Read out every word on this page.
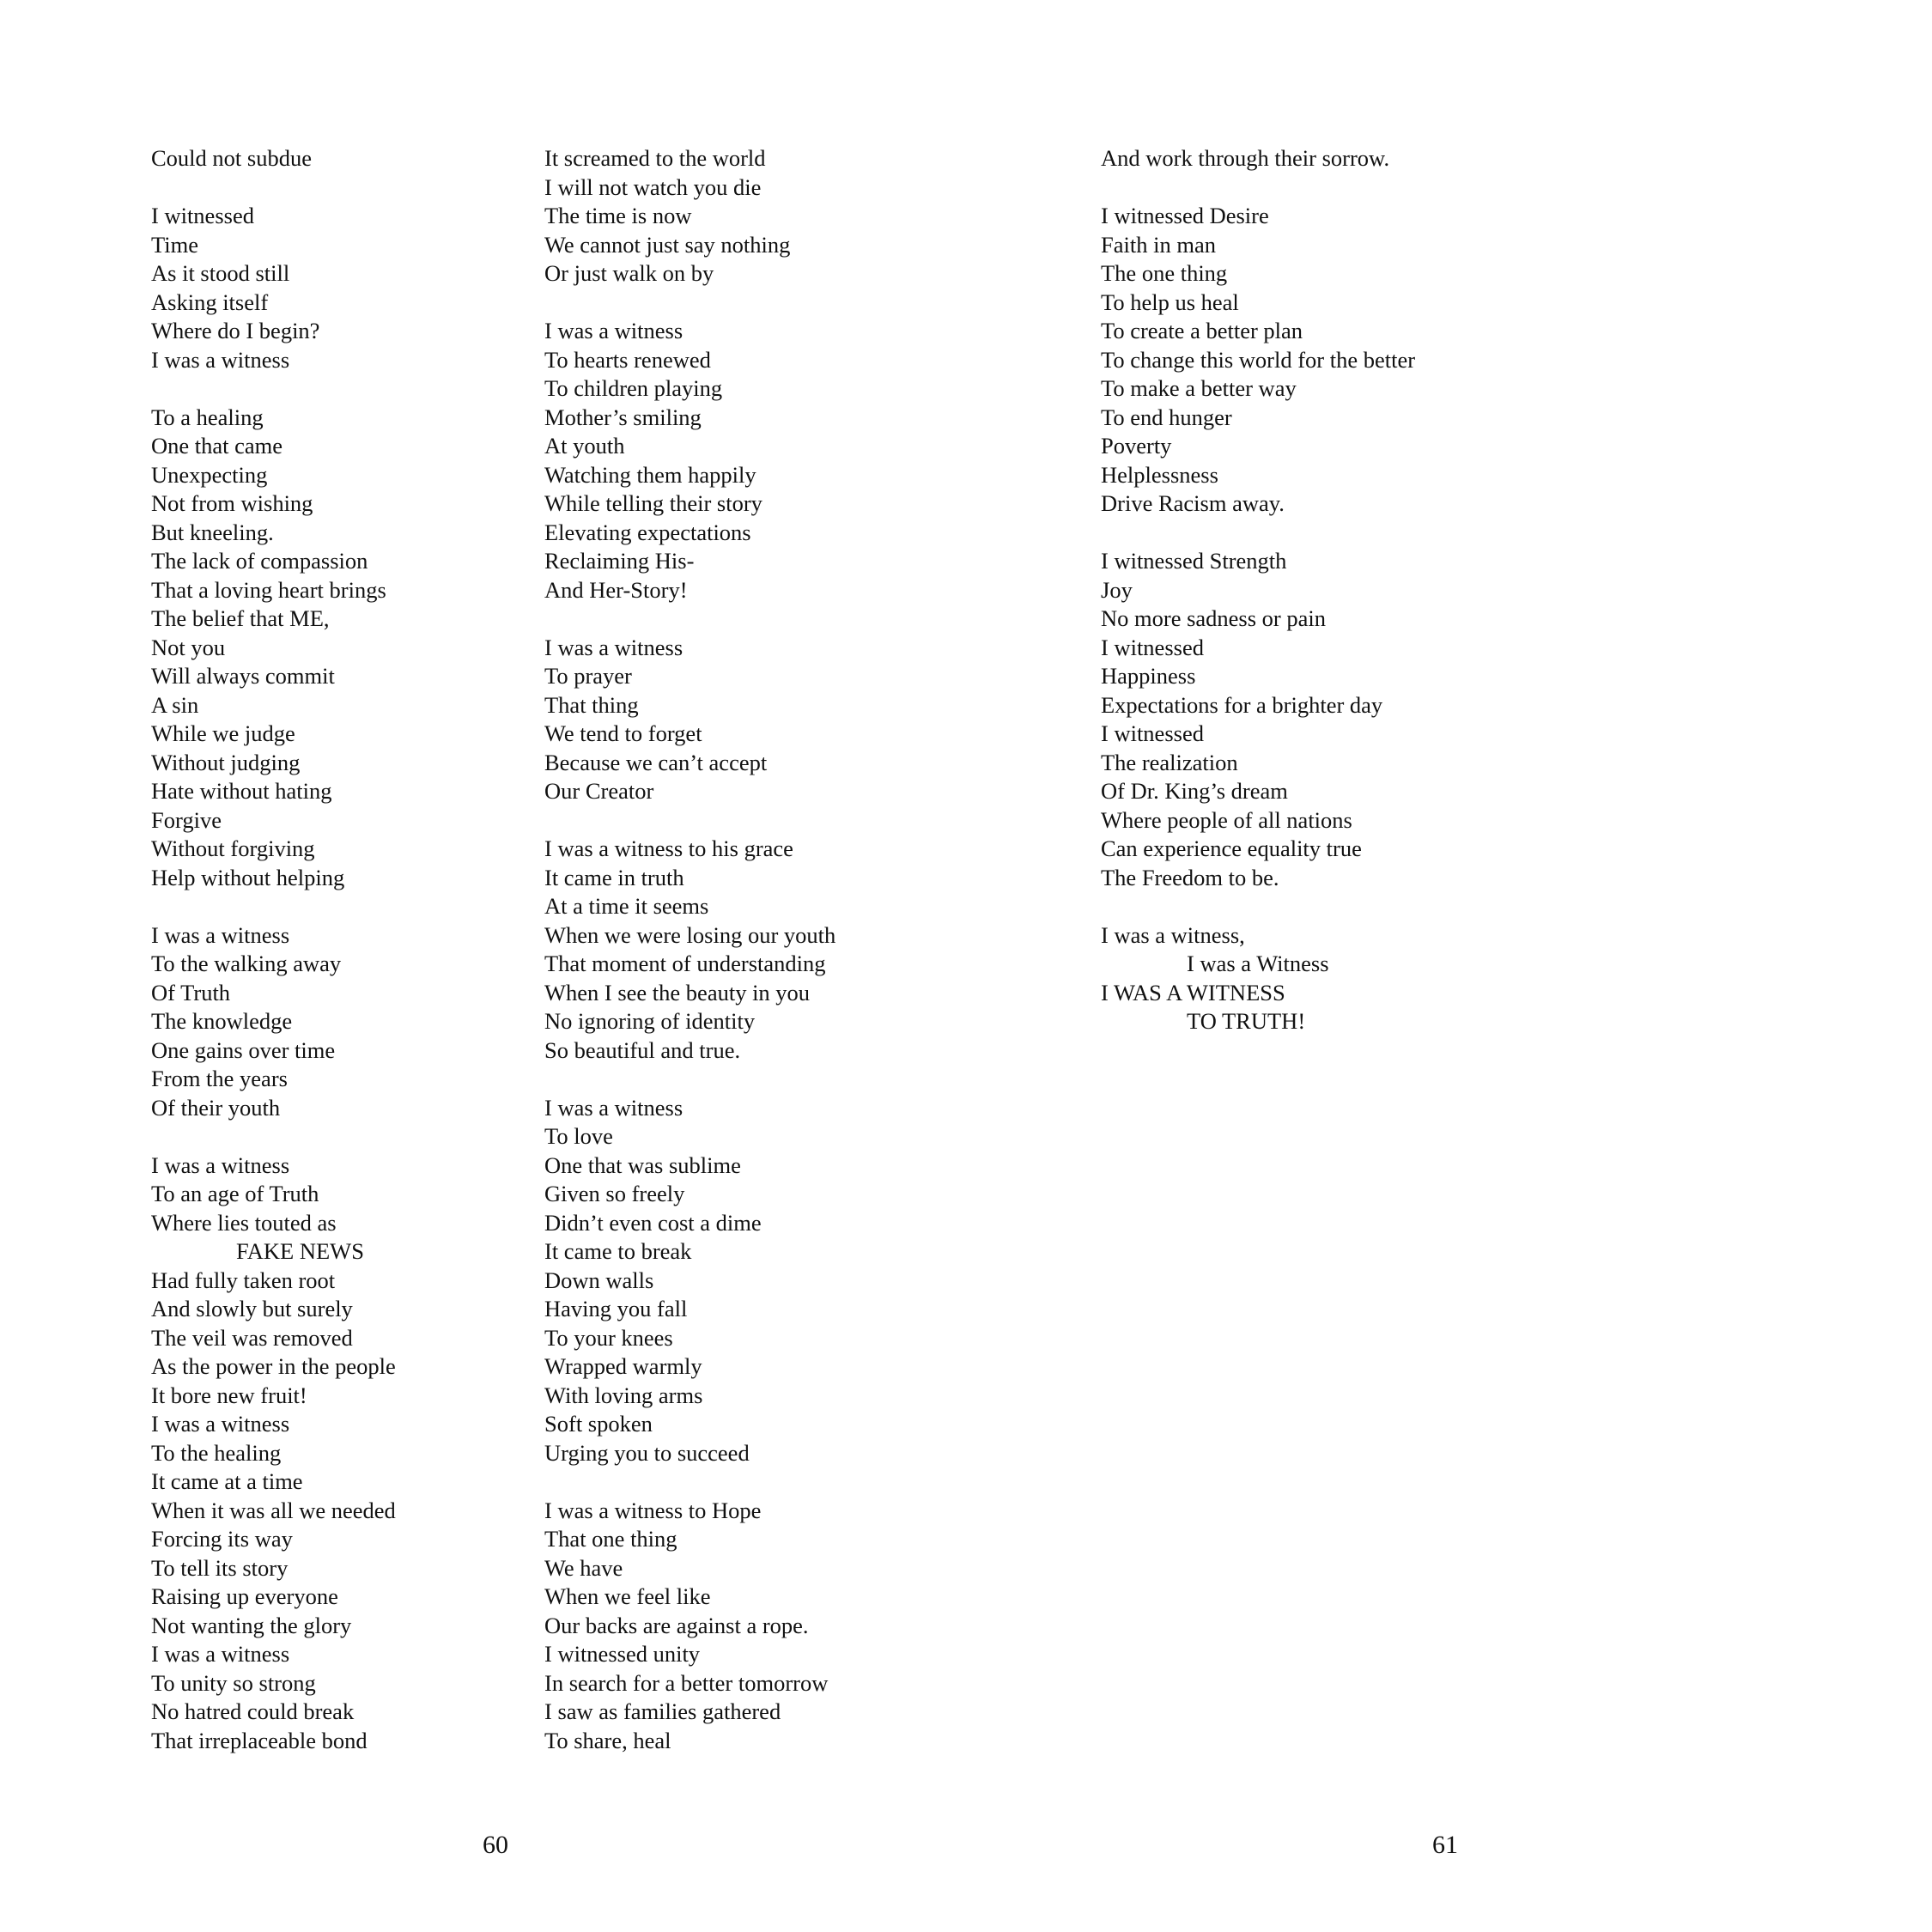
Could not subdue
I witnessed
Time
As it stood still
Asking itself
Where do I begin?
I was a witness
To a healing
One that came
Unexpecting
Not from wishing
But kneeling.
The lack of compassion
That a loving heart brings
The belief that ME,
Not you
Will always commit
A sin
While we judge
Without judging
Hate without hating
Forgive
Without forgiving
Help without helping
I was a witness
To the walking away
Of Truth
The knowledge
One gains over time
From the years
Of their youth
I was a witness
To an age of Truth
Where lies touted as
FAKE NEWS
Had fully taken root
And slowly but surely
The veil was removed
As the power in the people
It bore new fruit!
I was a witness
To the healing
It came at a time
When it was all we needed
Forcing its way
To tell its story
Raising up everyone
Not wanting the glory
I was a witness
To unity so strong
No hatred could break
That irreplaceable bond
It screamed to the world
I will not watch you die
The time is now
We cannot just say nothing
Or just walk on by
I was a witness
To hearts renewed
To children playing
Mother’s smiling
At youth
Watching them happily
While telling their story
Elevating expectations
Reclaiming His-
And Her-Story!
I was a witness
To prayer
That thing
We tend to forget
Because we can’t accept
Our Creator
I was a witness to his grace
It came in truth
At a time it seems
When we were losing our youth
That moment of understanding
When I see the beauty in you
No ignoring of identity
So beautiful and true.
I was a witness
To love
One that was sublime
Given so freely
Didn’t even cost a dime
It came to break
Down walls
Having you fall
To your knees
Wrapped warmly
With loving arms
Soft spoken
Urging you to succeed
I was a witness to Hope
That one thing
We have
When we feel like
Our backs are against a rope.
I witnessed unity
In search for a better tomorrow
I saw as families gathered
To share, heal
And work through their sorrow.
I witnessed Desire
Faith in man
The one thing
To help us heal
To create a better plan
To change this world for the better
To make a better way
To end hunger
Poverty
Helplessness
Drive Racism away.
I witnessed Strength
Joy
No more sadness or pain
I witnessed
Happiness
Expectations for a brighter day
I witnessed
The realization
Of Dr. King’s dream
Where people of all nations
Can experience equality true
The Freedom to be.
I was a witness,
I was a Witness
I WAS A WITNESS
TO TRUTH!
60	61
